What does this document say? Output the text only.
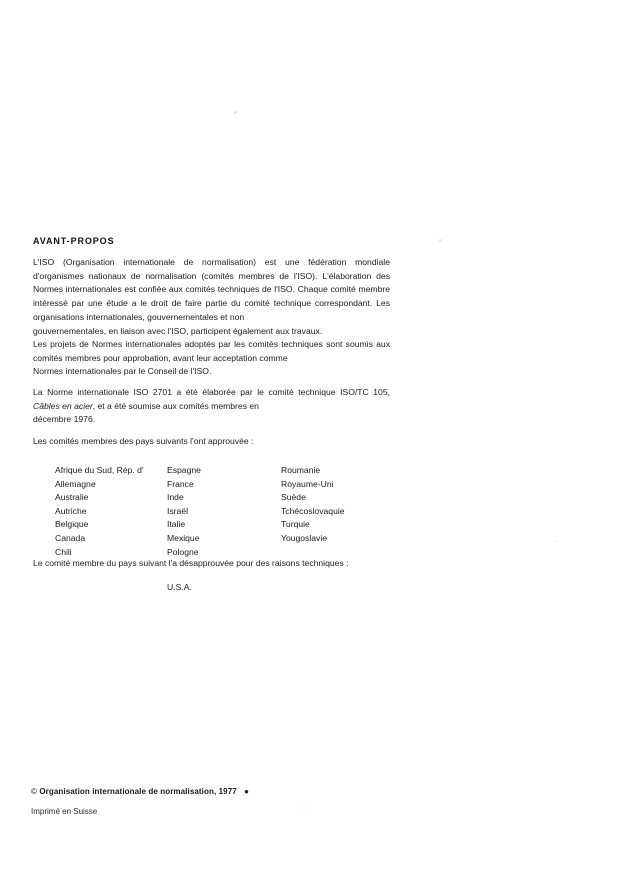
AVANT-PROPOS

L'ISO (Organisation internationale de normalisation) est une fédération mondiale d'organismes nationaux de normalisation (comités membres de l'ISO). L'élaboration des Normes internationales est confiée aux comités techniques de l'ISO. Chaque comité membre intéressé par une étude a le droit de faire partie du comité technique correspondant. Les organisations internationales, gouvernementales et non

gouvernementales, en liaison avec l'ISO, participent également aux travaux.

Les projets de Normes internationales adoptés par les comités techniques sont soumis aux comités membres pour approbation, avant leur acceptation comme

Normes internationales par le Conseil de l'ISO.

La Norme internationale ISO 2701 a été élaborée par le comité technique ISO/TC 105, Câbles en acier, et a été soumise aux comités membres en

décembre 1976.

Les comités membres des pays suivants l'ont approuvée :
Afrique du Sud, Rép. d'
Allemagne
Australie
Autriche
Belgique
Canada
Chili
Espagne
France
Inde
Israël
Italie
Mexique
Pologne
Roumanie
Royaume-Uni
Suède
Tchécoslovaquie
Turquie
Yougoslavie
Le comité membre du pays suivant l'a désapprouvée pour des raisons techniques :
U.S.A.
© Organisation internationale de normalisation, 1977 ●
Imprimé en Suisse
